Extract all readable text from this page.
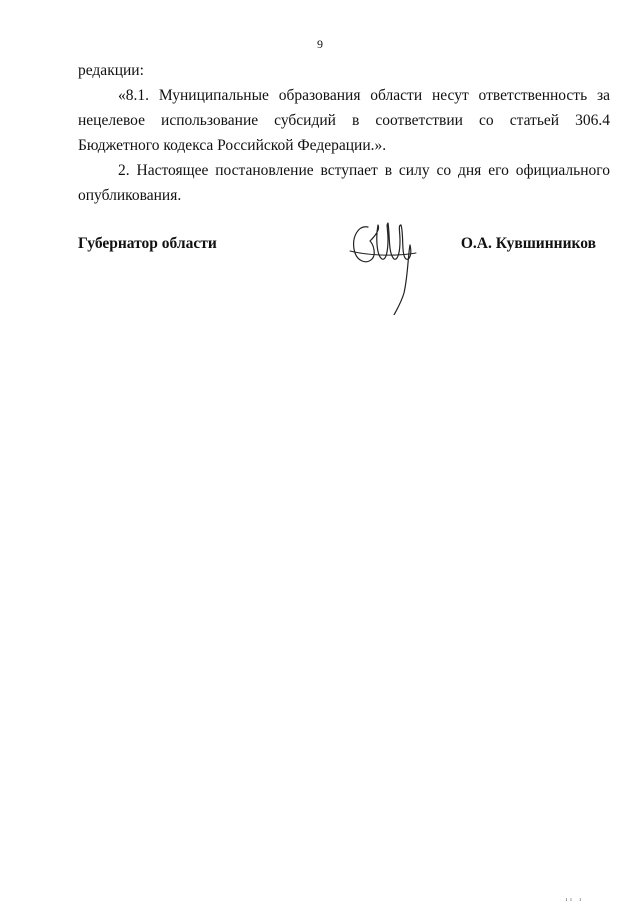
9

редакции:

«8.1. Муниципальные образования области несут ответственность за нецелевое использование субсидий в соответствии со статьей 306.4 Бюджетного кодекса Российской Федерации.».

2. Настоящее постановление вступает в силу со дня его официального опубликования.

Губернатор области	О.А. Кувшинников
ıı ı
